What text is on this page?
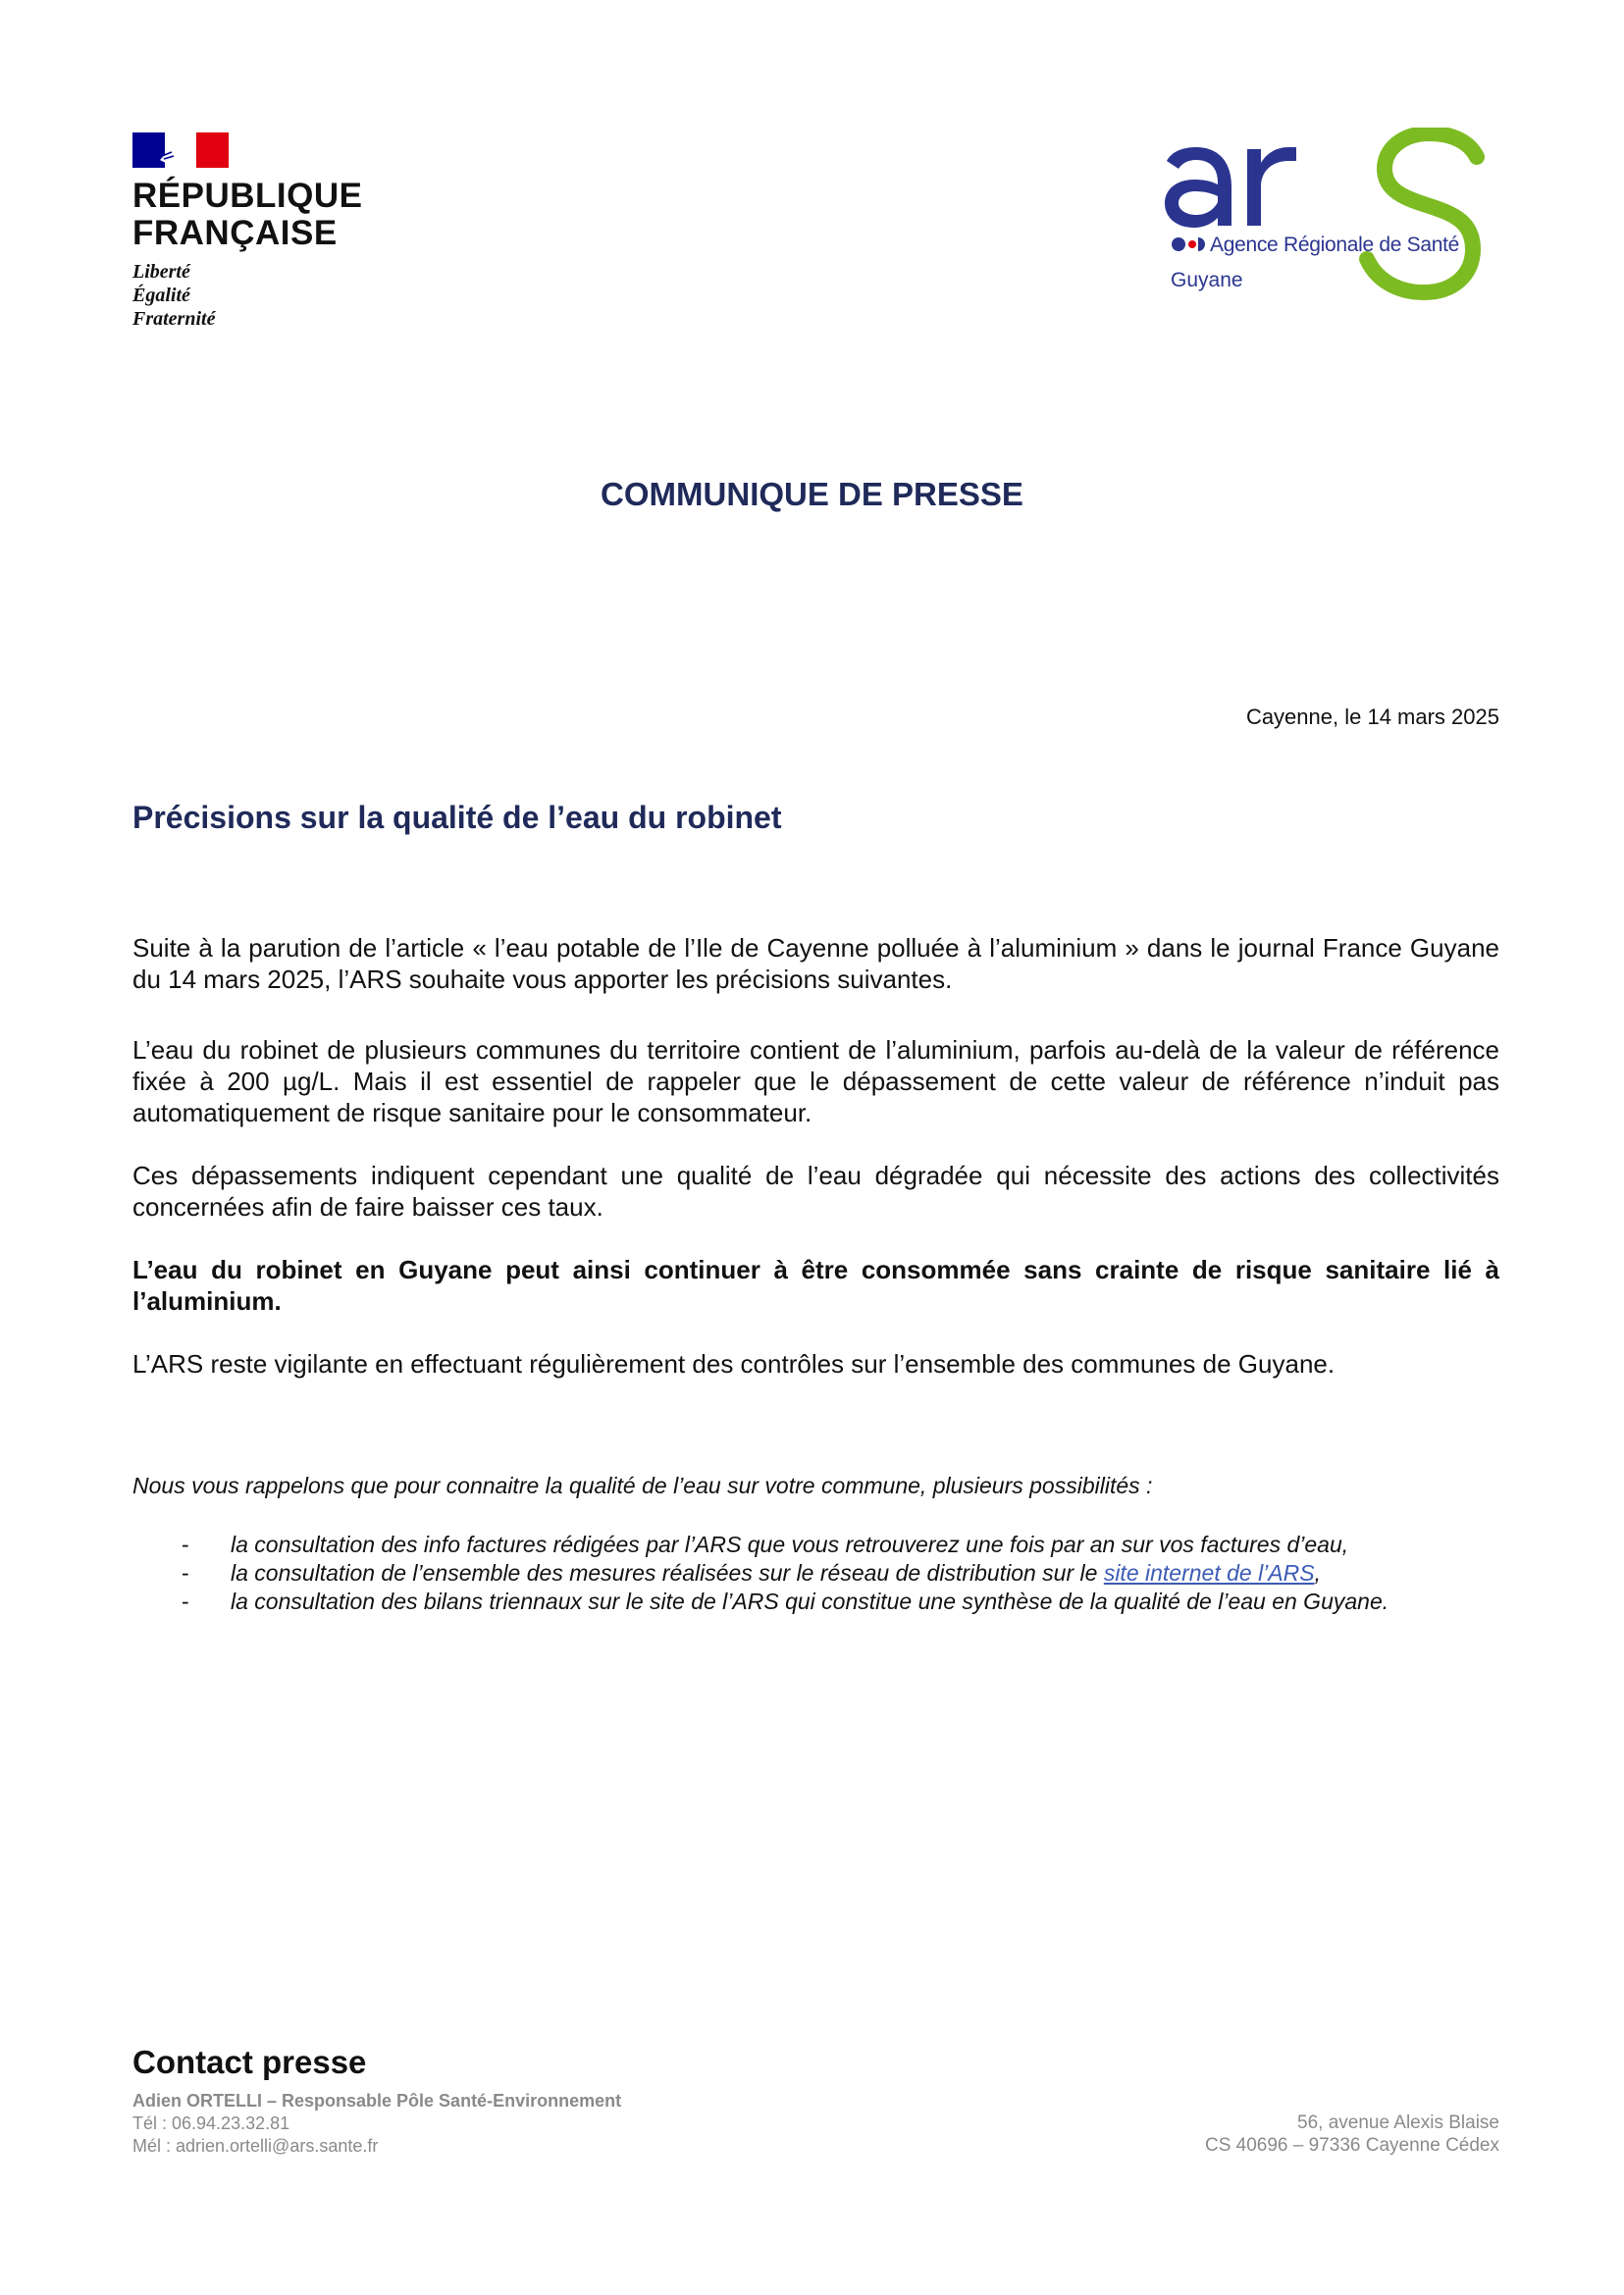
RÉPUBLIQUE
FRANÇAISE
Liberté
Égalité
Fraternité
Agence Régionale de Santé
Guyane
COMMUNIQUE DE PRESSE
Cayenne, le 14 mars 2025
Précisions sur la qualité de l’eau du robinet

Suite à la parution de l’article « l’eau potable de l’Ile de Cayenne polluée à l’aluminium » dans le journal France Guyane du 14 mars 2025, l’ARS souhaite vous apporter les précisions suivantes.

L’eau du robinet de plusieurs communes du territoire contient de l’aluminium, parfois au-delà de la valeur de référence fixée à 200 µg/L. Mais il est essentiel de rappeler que le dépassement de cette valeur de référence n’induit pas automatiquement de risque sanitaire pour le consommateur.

Ces dépassements indiquent cependant une qualité de l’eau dégradée qui nécessite des actions des collectivités concernées afin de faire baisser ces taux.

L’eau du robinet en Guyane peut ainsi continuer à être consommée sans crainte de risque sanitaire lié à l’aluminium.

L’ARS reste vigilante en effectuant régulièrement des contrôles sur l’ensemble des communes de Guyane.

Nous vous rappelons que pour connaitre la qualité de l’eau sur votre commune, plusieurs possibilités :
- la consultation des info factures rédigées par l’ARS que vous retrouverez une fois par an sur vos factures d’eau,
- la consultation de l’ensemble des mesures réalisées sur le réseau de distribution sur le site internet de l’ARS,
- la consultation des bilans triennaux sur le site de l’ARS qui constitue une synthèse de la qualité de l’eau en Guyane.
Contact presse
Adien ORTELLI – Responsable Pôle Santé-Environnement
Tél : 06.94.23.32.81
Mél : adrien.ortelli@ars.sante.fr
56, avenue Alexis Blaise
CS 40696 – 97336 Cayenne Cédex
